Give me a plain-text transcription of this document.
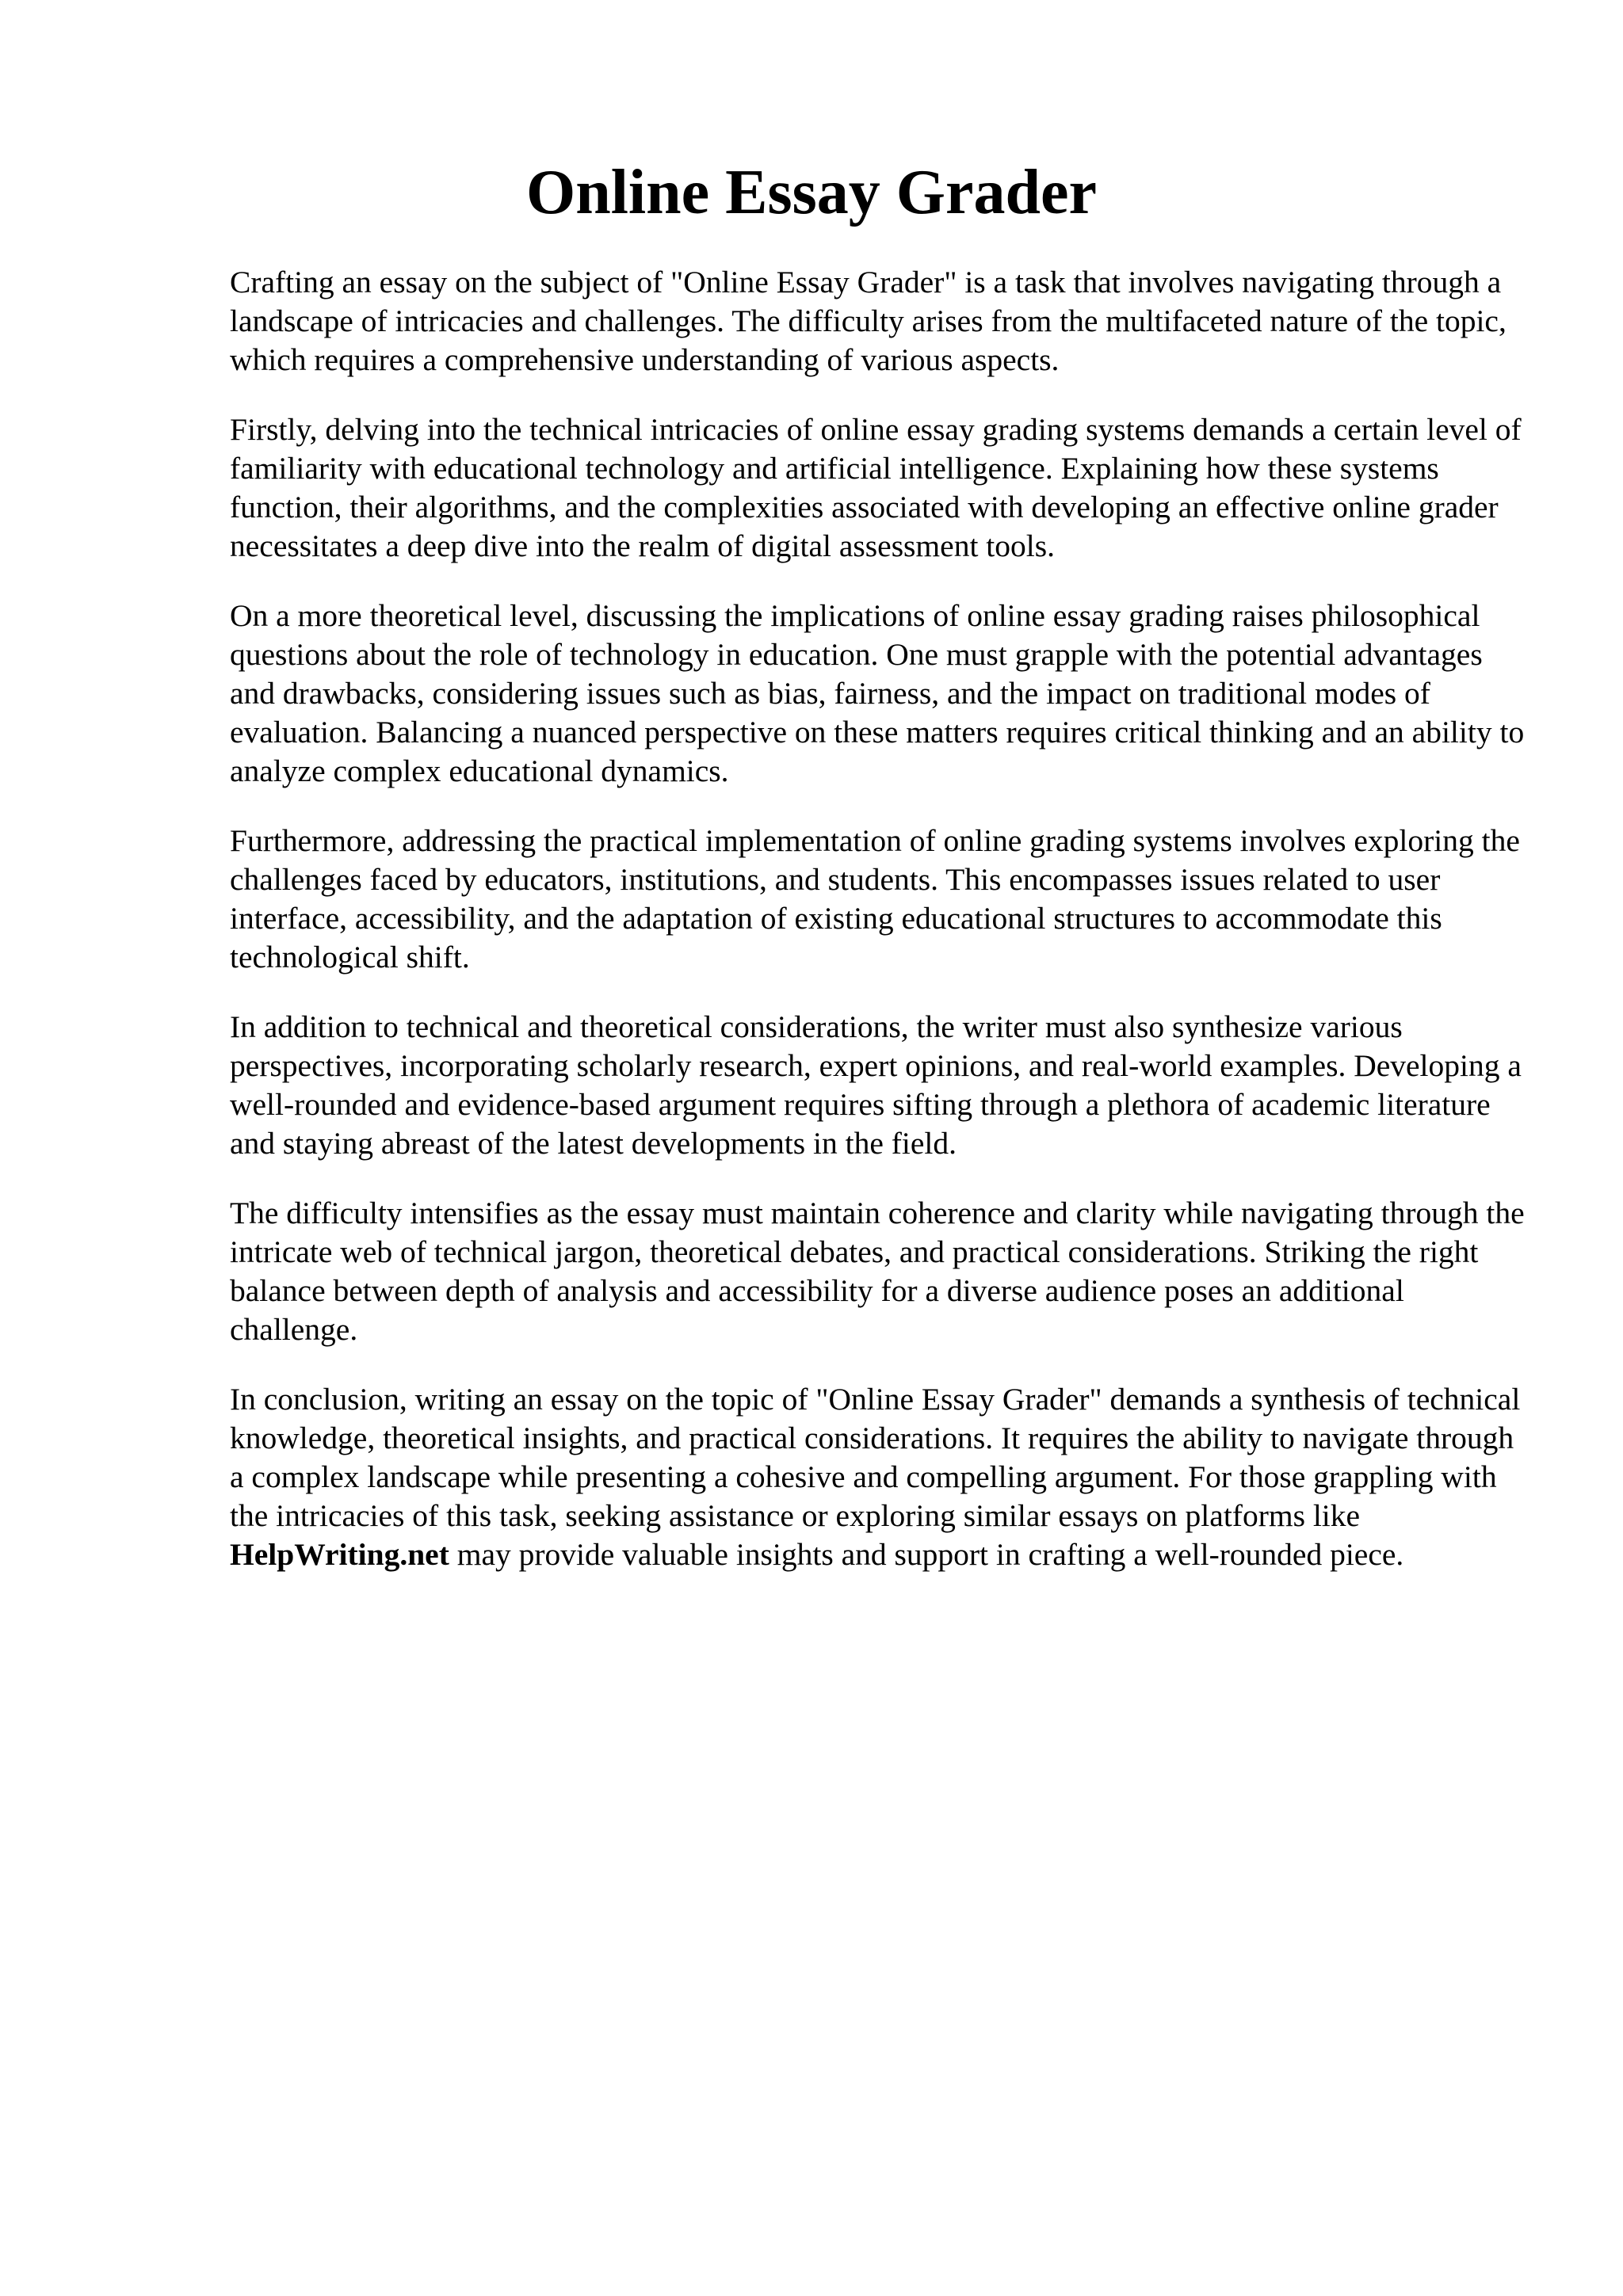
Online Essay Grader

Crafting an essay on the subject of "Online Essay Grader" is a task that involves navigating through a landscape of intricacies and challenges. The difficulty arises from the multifaceted nature of the topic, which requires a comprehensive understanding of various aspects.

Firstly, delving into the technical intricacies of online essay grading systems demands a certain level of familiarity with educational technology and artificial intelligence. Explaining how these systems function, their algorithms, and the complexities associated with developing an effective online grader necessitates a deep dive into the realm of digital assessment tools.

On a more theoretical level, discussing the implications of online essay grading raises philosophical questions about the role of technology in education. One must grapple with the potential advantages and drawbacks, considering issues such as bias, fairness, and the impact on traditional modes of evaluation. Balancing a nuanced perspective on these matters requires critical thinking and an ability to analyze complex educational dynamics.

Furthermore, addressing the practical implementation of online grading systems involves exploring the challenges faced by educators, institutions, and students. This encompasses issues related to user interface, accessibility, and the adaptation of existing educational structures to accommodate this technological shift.

In addition to technical and theoretical considerations, the writer must also synthesize various perspectives, incorporating scholarly research, expert opinions, and real-world examples. Developing a well-rounded and evidence-based argument requires sifting through a plethora of academic literature and staying abreast of the latest developments in the field.

The difficulty intensifies as the essay must maintain coherence and clarity while navigating through the intricate web of technical jargon, theoretical debates, and practical considerations. Striking the right balance between depth of analysis and accessibility for a diverse audience poses an additional challenge.

In conclusion, writing an essay on the topic of "Online Essay Grader" demands a synthesis of technical knowledge, theoretical insights, and practical considerations. It requires the ability to navigate through a complex landscape while presenting a cohesive and compelling argument. For those grappling with the intricacies of this task, seeking assistance or exploring similar essays on platforms like HelpWriting.net may provide valuable insights and support in crafting a well-rounded piece.
